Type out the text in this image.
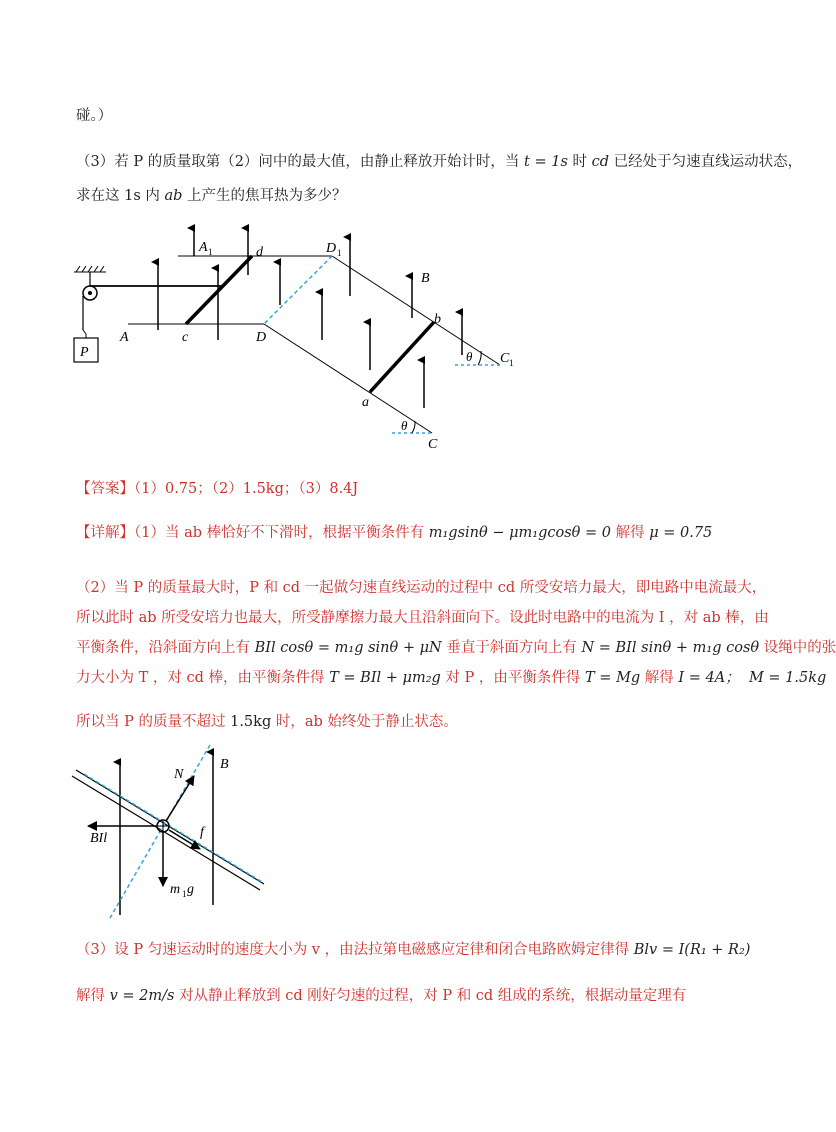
碰。）
（3）若 P 的质量取第（2）问中的最大值，由静止释放开始计时，当 t = 1s 时 cd 已经处于匀速直线运动状态，
求在这 1s 内 ab 上产生的焦耳热为多少？
P
A 1	d	D 1
B
b
θ C 1
A	c	D
a
θ
C
【答案】（1）0.75；（2）1.5kg；（3）8.4J
【详解】（1）当 ab 棒恰好不下滑时，根据平衡条件有 m₁gsinθ − μm₁gcosθ = 0 解得 μ = 0.75
（2）当 P 的质量最大时，P 和 cd 一起做匀速直线运动的过程中 cd 所受安培力最大，即电路中电流最大，
所以此时 ab 所受安培力也最大，所受静摩擦力最大且沿斜面向下。设此时电路中的电流为 I ，对 ab 棒，由
平衡条件，沿斜面方向上有 BIl cosθ = m₁g sinθ + μN 垂直于斜面方向上有 N = BIl sinθ + m₁g cosθ 设绳中的张
力大小为 T ，对 cd 棒，由平衡条件得 T = BIl + μm₂g 对 P ，由平衡条件得 T = Mg 解得 I = 4A； M = 1.5kg
所以当 P 的质量不超过 1.5kg 时，ab 始终处于静止状态。
N
B
BIl	f
m 1 g
（3）设 P 匀速运动时的速度大小为 v ，由法拉第电磁感应定律和闭合电路欧姆定律得 Blv = I(R₁ + R₂)
解得 v = 2m/s 对从静止释放到 cd 刚好匀速的过程，对 P 和 cd 组成的系统，根据动量定理有
